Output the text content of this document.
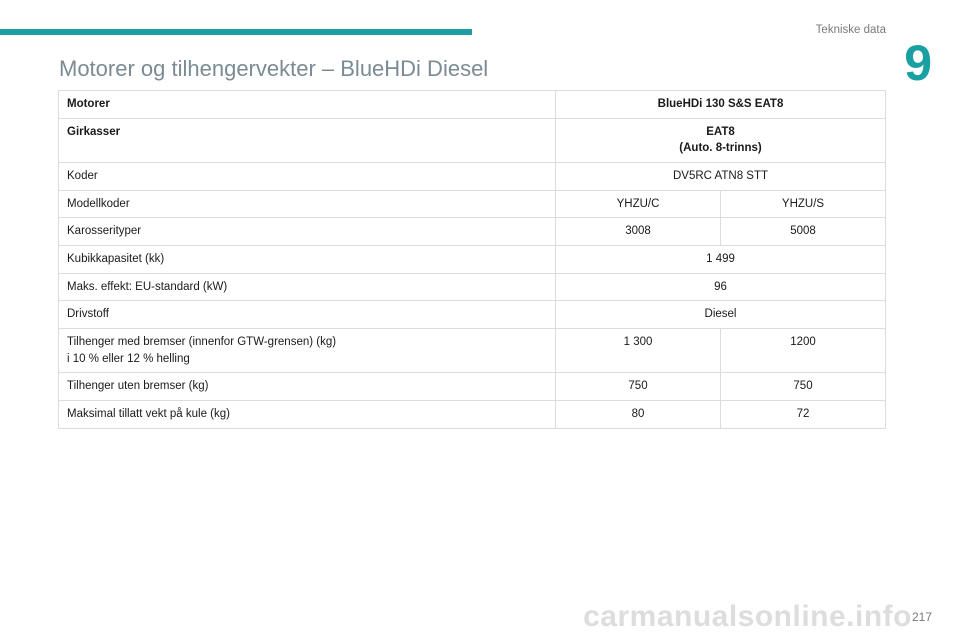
Tekniske data
9
Motorer og tilhengervekter – BlueHDi Diesel
Motorer	BlueHDi 130 S&S EAT8	
Girkasser	EAT8
(Auto. 8-trinns)	

Koder	DV5RC ATN8 STT	
Modellkoder	YHZU/C	YHZU/S
Karosserityper	3008	5008
Kubikkapasitet (kk)	1 499	
Maks. effekt: EU-standard (kW)	96	
Drivstoff	Diesel	

Tilhenger med bremser (innenfor GTW-grensen) (kg)
i 10 % eller 12 % helling	1 300	1200
Tilhenger uten bremser (kg)	750	750
Maksimal tillatt vekt på kule (kg)	80	72
carmanualsonline.info 217
